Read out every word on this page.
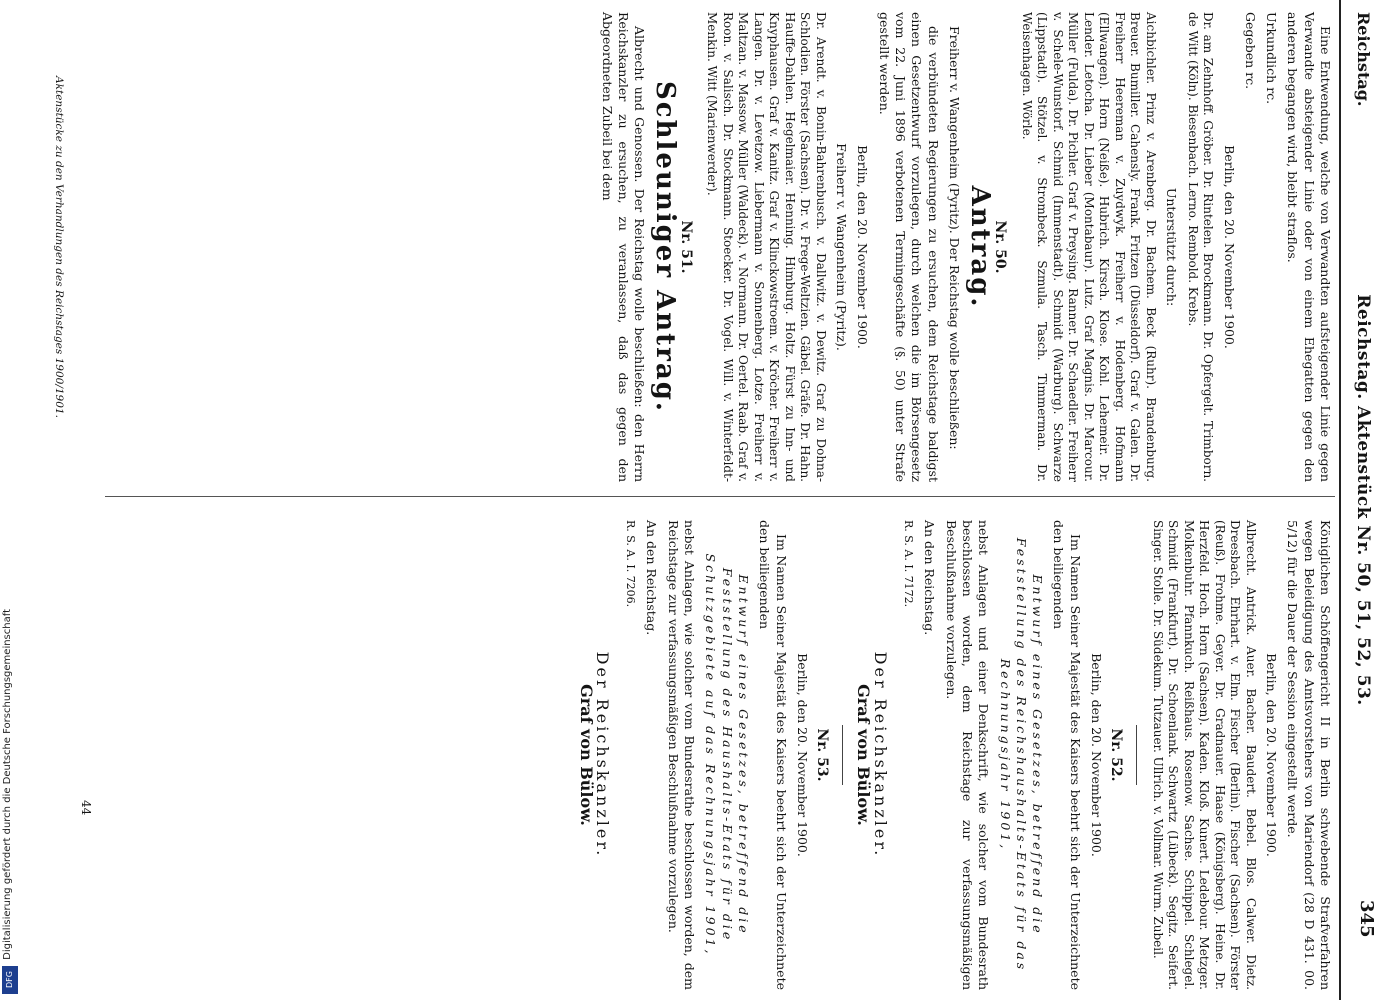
Reichstag.
Reichstag. Aktenstück Nr. 50, 51, 52, 53.
345

Eine Entwendung, welche von Verwandten aufsteigender Linie gegen Verwandte absteigender Linie oder von einem Ehegatten gegen den anderen begangen wird, bleibt straflos.

Urkundlich rc.

Gegeben rc.

Berlin, den 20. November 1900.

Dr. am Zehnhoff. Gröber. Dr. Rintelen. Brockmann. Dr. Opfergelt. Trimborn. de Witt (Köln). Biesenbach. Lerno. Rembold. Krebs.

Unterstützt durch:

Aichbichler. Prinz v. Arenberg. Dr. Bachem. Beck (Ruhr). Brandenburg. Breuer. Bumiller. Cahensly. Frank. Fritzen (Düsseldorf). Graf v. Galen. Dr. Freiherr Heereman v. Zuydwyk. Freiherr v. Hodenberg. Hofmann (Ellwangen). Horn (Neiße). Hubrich. Kirsch. Klose. Kohl. Lehemeir. Dr. Lender. Letocha. Dr. Lieber (Montabaur). Lutz. Graf Magnis. Dr. Marcour. Müller (Fulda). Dr. Pichler. Graf v. Preysing. Ranner. Dr. Schaedler. Freiherr v. Schele-Wunstorf. Schmid (Immenstadt). Schmidt (Warburg). Schwarze (Lippstadt). Stötzel. v. Strombeck. Szmula. Tasch. Timmerman. Dr. Weisenhagen. Wörle.

Nr. 50.
Antrag.

Freiherr v. Wangenheim (Pyritz). Der Reichstag wolle beschließen:

die verbündeten Regierungen zu ersuchen, dem Reichstage baldigst einen Gesetzentwurf vorzulegen, durch welchen die im Börsengesetz vom 22. Juni 1896 verbotenen Termingeschäfte (§. 50) unter Strafe gestellt werden.

Berlin, den 20. November 1900.

Freiherr v. Wangenheim (Pyritz).

Dr. Arendt. v. Bonin-Bahrenbusch. v. Dallwitz. v. Dewitz. Graf zu Dohna-Schlodien. Förster (Sachsen). Dr. v. Frege-Weltzien. Gäbel. Gräfe. Dr. Hahn. Hauffe-Dahlen. Hegelmaier. Henning. Himburg. Holtz. Fürst zu Inn- und Knyphausen. Graf v. Kanitz. Graf v. Klinckowstroem. v. Kröcher. Freiherr v. Langen. Dr. v. Levetzow. Liebermann v. Sonnenberg. Lotze. Freiherr v. Maltzan. v. Massow. Müller (Waldeck). v. Normann. Dr. Oertel. Raab. Graf v. Roon. v. Salisch. Dr. Stockmann. Stoecker. Dr. Vogel. Will. v. Winterfeldt-Menkin. Witt (Marienwerder).

Nr. 51.
Schleuniger Antrag.

Albrecht und Genossen. Der Reichstag wolle beschließen: den Herrn Reichskanzler zu ersuchen, zu veranlassen, daß das gegen den Abgeordneten Zubeil bei dem

Königlichen Schöffengericht II in Berlin schwebende Strafverfahren wegen Beleidigung des Amtsvorstehers von Mariendorf (28 D 431. 00. 5/12) für die Dauer der Session eingestellt werde.

Berlin, den 20. November 1900.

Albrecht. Antrick. Auer. Bacher. Baudert. Bebel. Blos. Calwer. Dietz. Dreesbach. Ehrhart. v. Elm. Fischer (Berlin). Fischer (Sachsen). Förster (Reuß). Frohme. Geyer. Dr. Gradnauer. Haase (Königsberg). Heine. Dr. Herzfeld. Hoch. Horn (Sachsen). Kaden. Kloß. Kunert. Ledebour. Metzger. Molkenbuhr. Pfannkuch. Reißhaus. Rosenow. Sachse. Schippel. Schlegel. Schmidt (Frankfurt). Dr. Schoenlank. Schwartz (Lübeck). Segitz. Seifert. Singer. Stolle. Dr. Südekum. Tutzauer. Ullrich. v. Vollmar. Wurm. Zubeil.

Nr. 52.

Berlin, den 20. November 1900.

Im Namen Seiner Majestät des Kaisers beehrt sich der Unterzeichnete den beiliegenden

Entwurf eines Gesetzes, betreffend die Feststellung des Reichshaushalts-Etats für das Rechnungsjahr 1901,

nebst Anlagen und einer Denkschrift, wie solcher vom Bundesrath beschlossen worden, dem Reichstage zur verfassungsmäßigen Beschlußnahme vorzulegen.

An den Reichstag.

R. S. A. I. 7172.

Der Reichskanzler.
Graf von Bülow.
Nr. 53.

Berlin, den 20. November 1900.

Im Namen Seiner Majestät des Kaisers beehrt sich der Unterzeichnete den beiliegenden

Entwurf eines Gesetzes, betreffend die Feststellung des Haushalts-Etats für die Schutzgebiete auf das Rechnungsjahr 1901,

nebst Anlagen, wie solcher vom Bundesrathe beschlossen worden, dem Reichstage zur verfassungsmäßigen Beschlußnahme vorzulegen.

An den Reichstag.

R. S. A. I. 7206.

Der Reichskanzler.
Graf von Bülow.
Aktenstücke zu den Verhandlungen des Reichstages 1900/1901.
44
Digitalisierung gefördert durch die Deutsche Forschungsgemeinschaft
DFG
